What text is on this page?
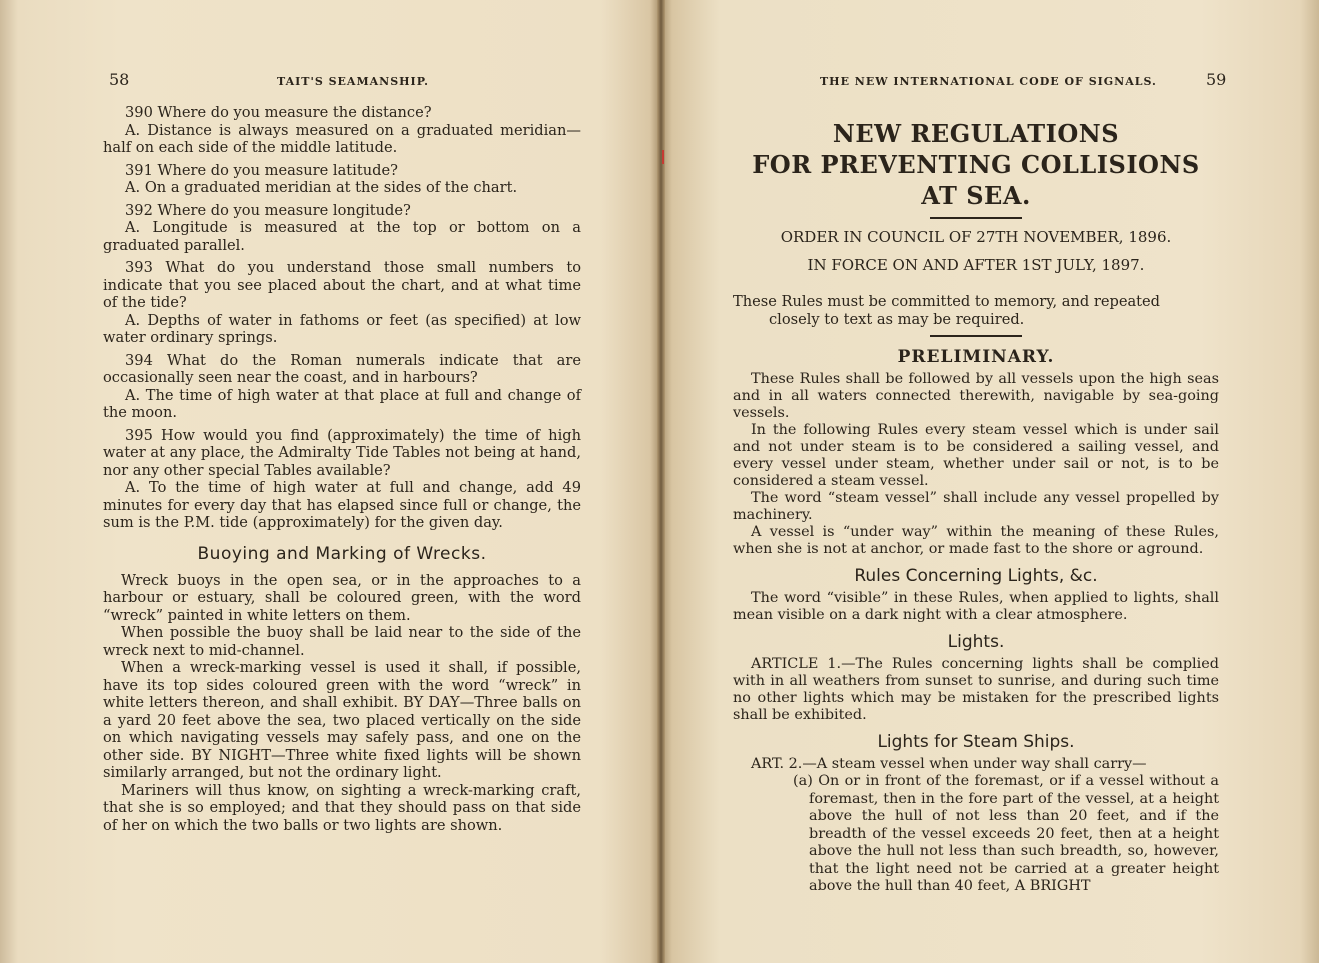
58	TAIT'S SEAMANSHIP.

390 Where do you measure the distance?

A. Distance is always measured on a graduated meridian—half on each side of the middle latitude.

391 Where do you measure latitude?

A. On a graduated meridian at the sides of the chart.

392 Where do you measure longitude?

A. Longitude is measured at the top or bottom on a graduated parallel.

393 What do you understand those small numbers to indicate that you see placed about the chart, and at what time of the tide?

A. Depths of water in fathoms or feet (as specified) at low water ordinary springs.

394 What do the Roman numerals indicate that are occasionally seen near the coast, and in harbours?

A. The time of high water at that place at full and change of the moon.

395 How would you find (approximately) the time of high water at any place, the Admiralty Tide Tables not being at hand, nor any other special Tables available?

A. To the time of high water at full and change, add 49 minutes for every day that has elapsed since full or change, the sum is the P.M. tide (approximately) for the given day.

Buoying and Marking of Wrecks.

Wreck buoys in the open sea, or in the approaches to a harbour or estuary, shall be coloured green, with the word “wreck” painted in white letters on them.

When possible the buoy shall be laid near to the side of the wreck next to mid-channel.

When a wreck-marking vessel is used it shall, if possible, have its top sides coloured green with the word “wreck” in white letters thereon, and shall exhibit. BY DAY—Three balls on a yard 20 feet above the sea, two placed vertically on the side on which navigating vessels may safely pass, and one on the other side. BY NIGHT—Three white fixed lights will be shown similarly arranged, but not the ordinary light.

Mariners will thus know, on sighting a wreck-marking craft, that she is so employed; and that they should pass on that side of her on which the two balls or two lights are shown.

THE NEW INTERNATIONAL CODE OF SIGNALS.	59
NEW REGULATIONS
FOR PREVENTING COLLISIONS AT SEA.
ORDER IN COUNCIL OF 27TH NOVEMBER, 1896.
IN FORCE ON AND AFTER 1ST JULY, 1897.
These Rules must be committed to memory, and repeated
closely to text as may be required.
PRELIMINARY.

These Rules shall be followed by all vessels upon the high seas and in all waters connected therewith, navigable by sea-going vessels.

In the following Rules every steam vessel which is under sail and not under steam is to be considered a sailing vessel, and every vessel under steam, whether under sail or not, is to be considered a steam vessel.

The word “steam vessel” shall include any vessel propelled by machinery.

A vessel is “under way” within the meaning of these Rules, when she is not at anchor, or made fast to the shore or aground.

Rules Concerning Lights, &c.

The word “visible” in these Rules, when applied to lights, shall mean visible on a dark night with a clear atmosphere.

Lights.

ARTICLE 1.—The Rules concerning lights shall be complied with in all weathers from sunset to sunrise, and during such time no other lights which may be mistaken for the prescribed lights shall be exhibited.

Lights for Steam Ships.

ART. 2.—A steam vessel when under way shall carry—

(a) On or in front of the foremast, or if a vessel without a foremast, then in the fore part of the vessel, at a height above the hull of not less than 20 feet, and if the breadth of the vessel exceeds 20 feet, then at a height above the hull not less than such breadth, so, however, that the light need not be carried at a greater height above the hull than 40 feet, A BRIGHT
